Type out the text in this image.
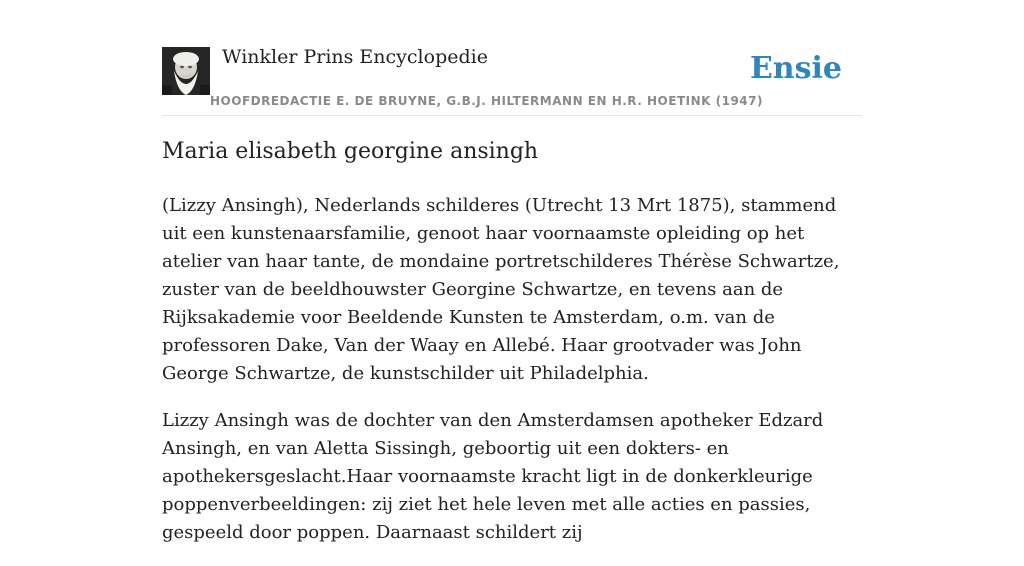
Winkler Prins Encyclopedie
HOOFDREDACTIE E. DE BRUYNE, G.B.J. HILTERMANN EN H.R. HOETINK (1947)
Ensie
Maria elisabeth georgine ansingh

(Lizzy Ansingh), Nederlands schilderes (Utrecht 13 Mrt 1875), stammend uit een kunstenaarsfamilie, genoot haar voornaamste opleiding op het atelier van haar tante, de mondaine portretschilderes Thérèse Schwartze, zuster van de beeldhouwster Georgine Schwartze, en tevens aan de Rijksakademie voor Beeldende Kunsten te Amsterdam, o.m. van de professoren Dake, Van der Waay en Allebé. Haar grootvader was John George Schwartze, de kunstschilder uit Philadelphia.

Lizzy Ansingh was de dochter van den Amsterdamsen apotheker Edzard Ansingh, en van Aletta Sissingh, geboortig uit een dokters- en apothekersgeslacht.Haar voornaamste kracht ligt in de donkerkleurige poppenverbeeldingen: zij ziet het hele leven met alle acties en passies, gespeeld door poppen. Daarnaast schildert zij
